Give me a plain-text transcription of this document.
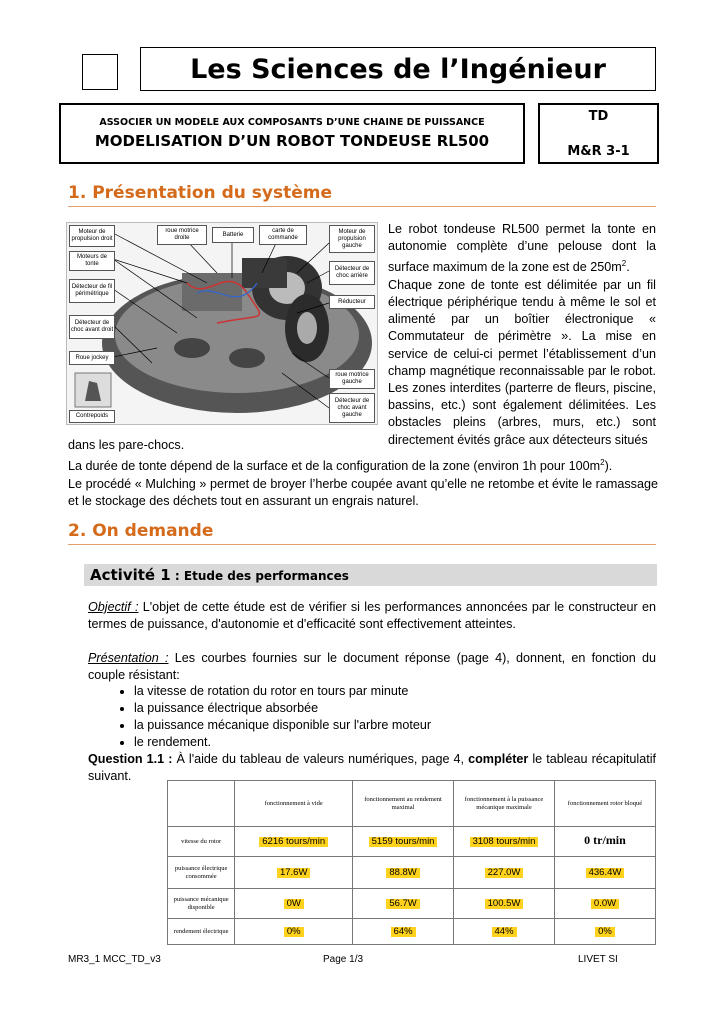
Les Sciences de l’Ingénieur
ASSOCIER UN MODELE AUX COMPOSANTS D’UNE CHAINE DE PUISSANCE
MODELISATION D’UN ROBOT TONDEUSE RL500
TD
M&R 3-1
1. Présentation du système
Moteur de propulsion droit
Moteurs de tonte
Détecteur de fil périmétrique
Détecteur de choc avant droit
Roue jockey
Contrepoids
roue motrice droite
Batterie
carte de commande
Moteur de propulsion gauche
Détecteur de choc arrière
Réducteur
roue motrice gauche
Détecteur de choc avant gauche
Le robot tondeuse RL500 permet la tonte en autonomie complète d’une pelouse dont la surface maximum de la zone est de $250m^2$.
Chaque zone de tonte est délimitée par un fil électrique périphérique tendu à même le sol et alimenté par un boîtier électronique « Commutateur de périmètre ». La mise en service de celui-ci permet l’établissement d’un champ magnétique reconnaissable par le robot. Les zones interdites (parterre de fleurs, piscine, bassins, etc.) sont également délimitées. Les obstacles pleins (arbres, murs, etc.) sont directement évités grâce aux détecteurs situés
dans les pare-chocs.
La durée de tonte dépend de la surface et de la configuration de la zone (environ 1h pour $100m^2$).
Le procédé « Mulching » permet de broyer l’herbe coupée avant qu’elle ne retombe et évite le ramassage et le stockage des déchets tout en assurant un engrais naturel.
2. On demande
Activité 1 : Etude des performances
Objectif : L'objet de cette étude est de vérifier si les performances annoncées par le constructeur en termes de puissance, d'autonomie et d'efficacité sont effectivement atteintes.
Présentation : Les courbes fournies sur le document réponse (page 4), donnent, en fonction du couple résistant:
• la vitesse de rotation du rotor en tours par minute
• la puissance électrique absorbée
• la puissance mécanique disponible sur l'arbre moteur
• le rendement.
Question 1.1 : À l'aide du tableau de valeurs numériques, page 4, compléter le tableau récapitulatif suivant.
	fonctionnement à vide	fonctionnement au rendement maximal	fonctionnement à la puissance mécanique maximale	fonctionnement rotor bloqué
vitesse du rotor	6216 tours/min	5159 tours/min	3108 tours/min	0 tr/min
puissance électrique consommée	17.6W	88.8W	227.0W	436.4W
puissance mécanique disponible	0W	56.7W	100.5W	0.0W
rendement électrique	0%	64%	44%	0%
MR3_1 MCC_TD_v3	Page 1/3	LIVET SI
